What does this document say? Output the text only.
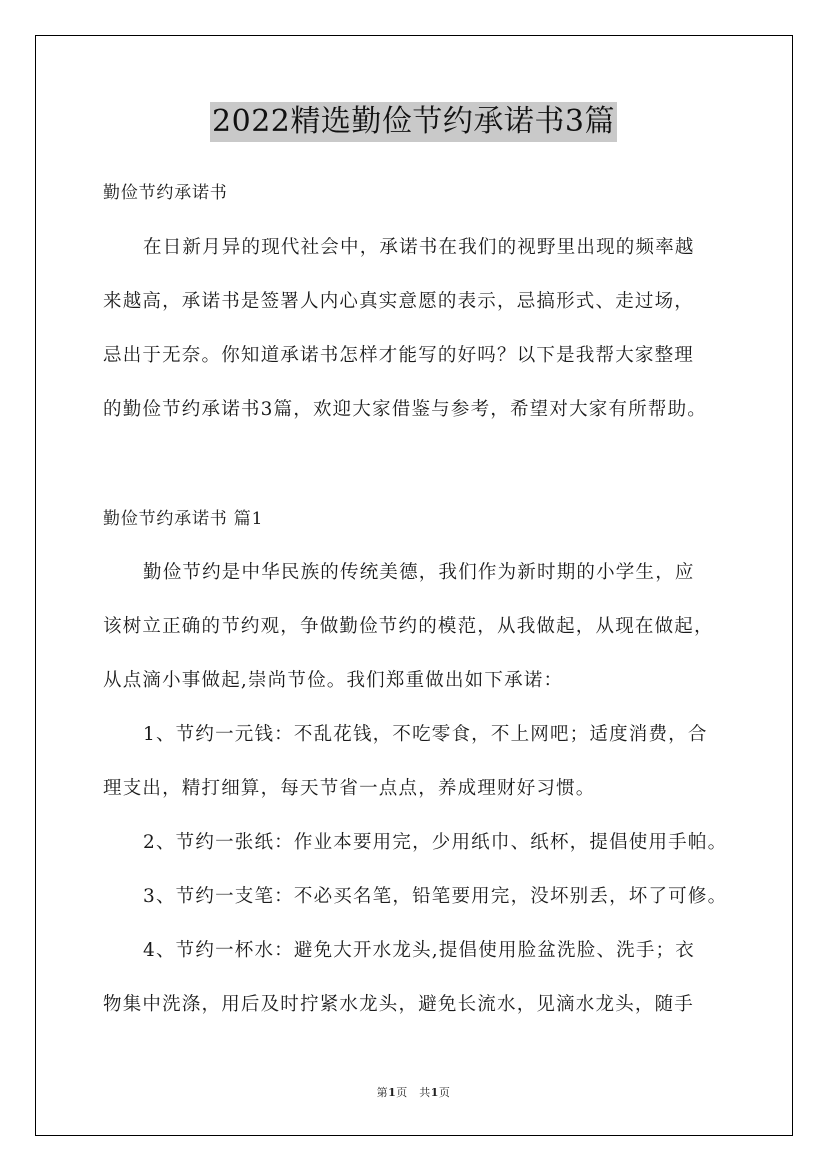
2022精选勤俭节约承诺书3篇
勤俭节约承诺书
在日新月异的现代社会中，承诺书在我们的视野里出现的频率越
来越高，承诺书是签署人内心真实意愿的表示，忌搞形式、走过场，
忌出于无奈。你知道承诺书怎样才能写的好吗？以下是我帮大家整理
的勤俭节约承诺书3篇，欢迎大家借鉴与参考，希望对大家有所帮助。
勤俭节约承诺书 篇1
勤俭节约是中华民族的传统美德，我们作为新时期的小学生，应
该树立正确的节约观，争做勤俭节约的模范，从我做起，从现在做起，
从点滴小事做起,崇尚节俭。我们郑重做出如下承诺：
1、节约一元钱：不乱花钱，不吃零食，不上网吧；适度消费，合
理支出，精打细算，每天节省一点点，养成理财好习惯。
2、节约一张纸：作业本要用完，少用纸巾、纸杯，提倡使用手帕。
3、节约一支笔：不必买名笔，铅笔要用完，没坏别丢，坏了可修。
4、节约一杯水：避免大开水龙头,提倡使用脸盆洗脸、洗手；衣
物集中洗涤，用后及时拧紧水龙头，避免长流水，见滴水龙头，随手
第1页　共1页
